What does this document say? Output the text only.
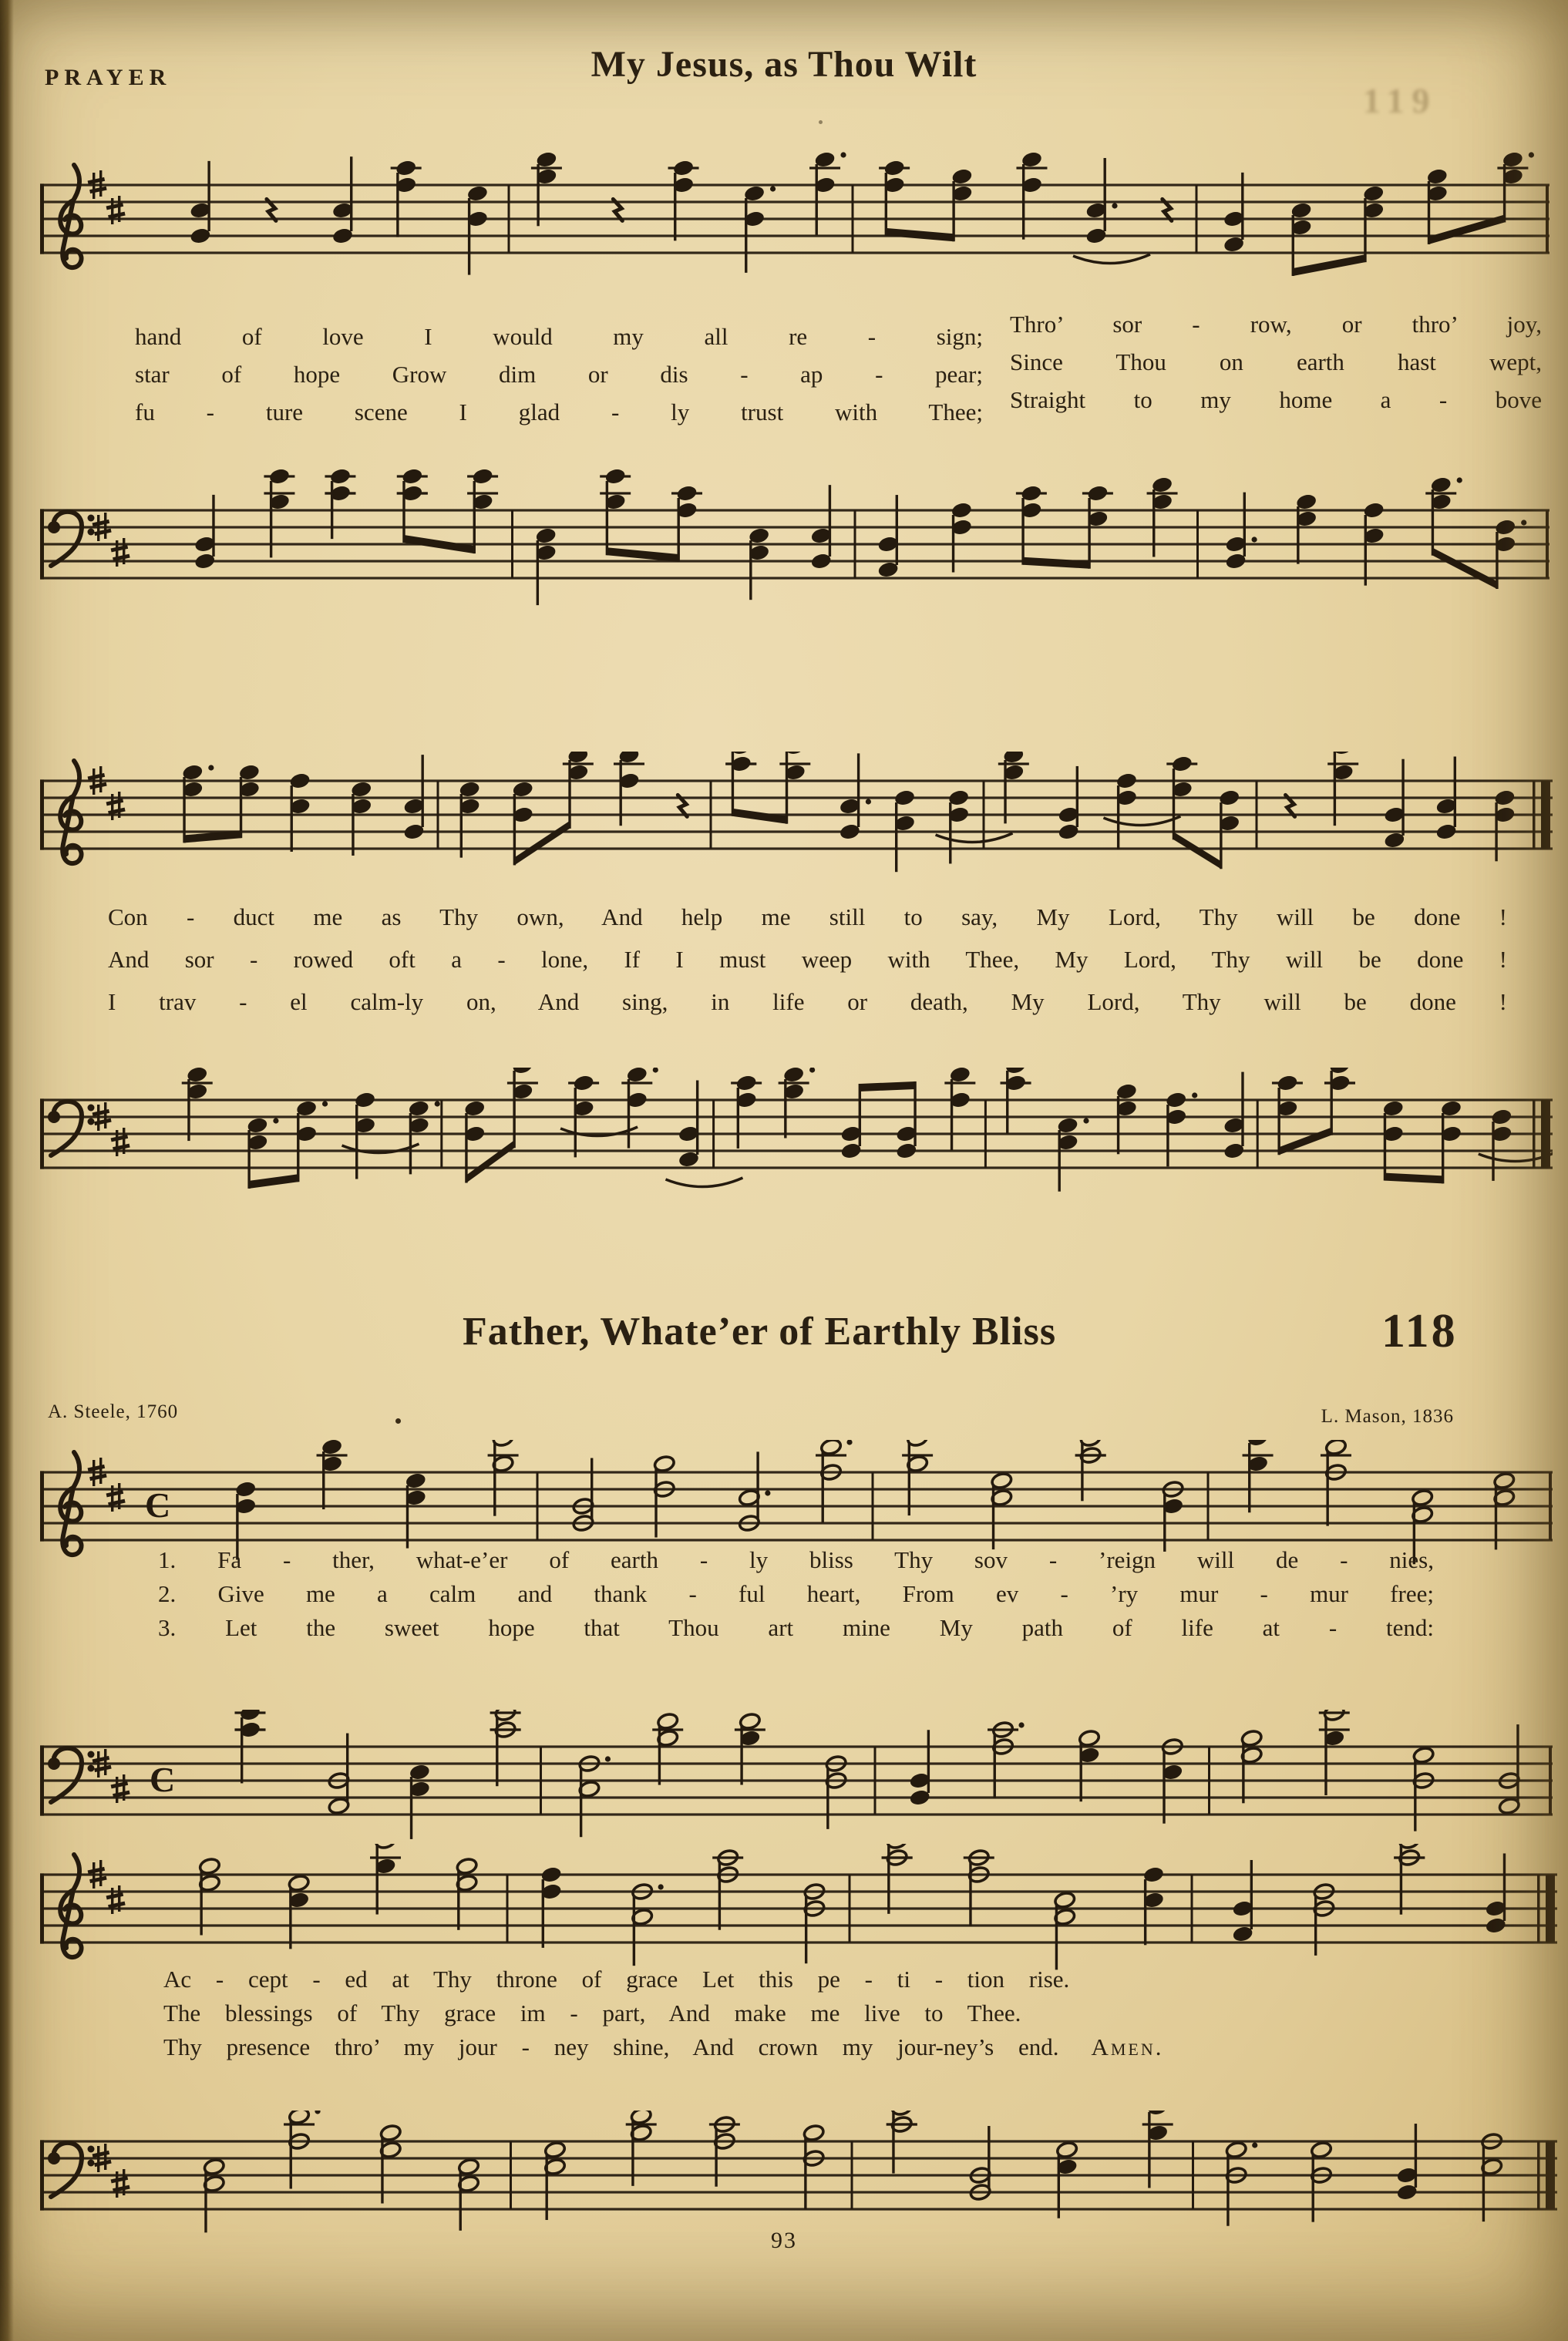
PRAYER	My Jesus, as Thou Wilt
119
hand of love I would my all re - sign;
star of hope Grow dim or dis - ap - pear;
fu - ture scene I glad - ly trust with Thee;
Thro’ sor - row, or thro’ joy,
Since Thou on earth hast wept,
Straight to my home a - bove
Con - duct me as Thy own, And help me still to say, My Lord, Thy will be done !
And sor - rowed oft a - lone, If I must weep with Thee, My Lord, Thy will be done !
I trav - el calm-ly on, And sing, in life or death, My Lord, Thy will be done !
Father, Whate’er of Earthly Bliss	118
A. Steele, 1760	L. Mason, 1836
C
1. Fa - ther, what-e’er of earth - ly bliss Thy sov - ’reign will de - nies,
2. Give me a calm and thank - ful heart, From ev - ’ry mur - mur free;
3. Let the sweet hope that Thou art mine My path of life at - tend:
C
Ac - cept - ed at Thy throne of grace Let this pe - ti - tion rise.
The blessings of Thy grace im - part, And make me live to Thee.
Thy presence thro’ my jour - ney shine, And crown my jour-ney’s end. Amen.
93
